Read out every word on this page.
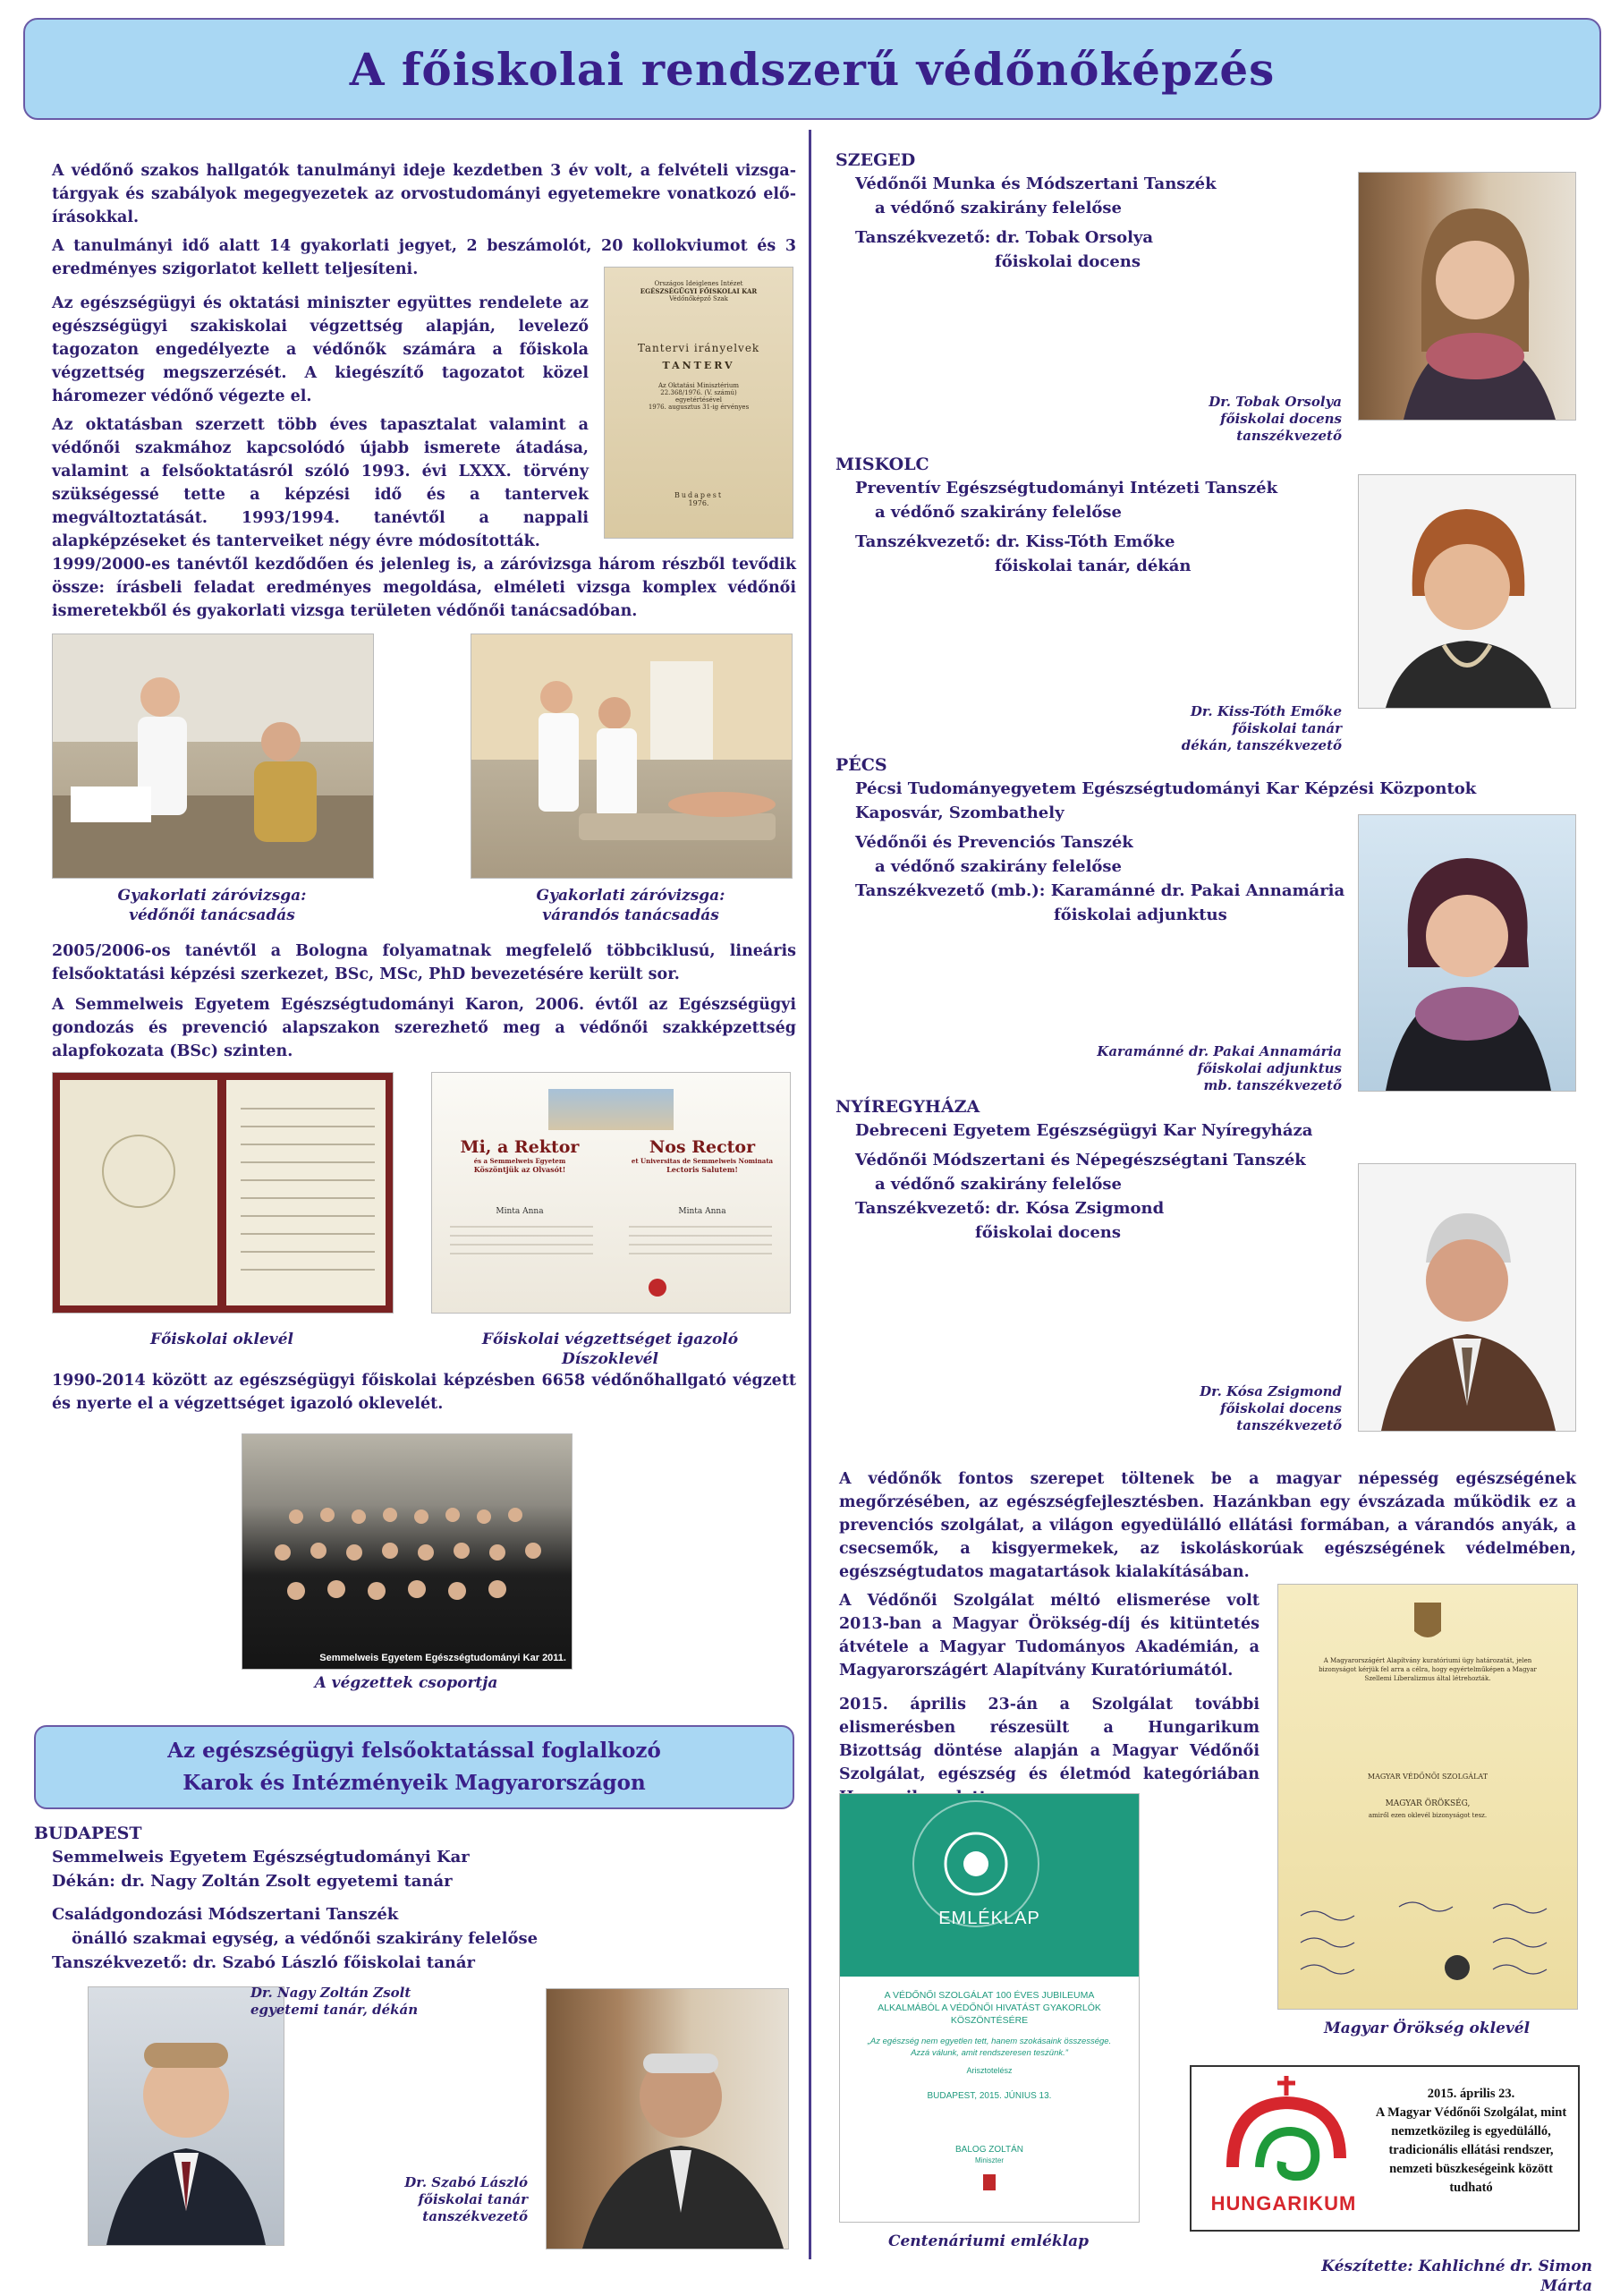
A főiskolai rendszerű védőnőképzés

A védőnő szakos hallgatók tanulmányi ideje kezdetben 3 év volt, a felvételi vizsga-tárgyak és szabályok megegyezetek az orvostudományi egyetemekre vonatkozó elő-írásokkal.

A tanulmányi idő alatt 14 gyakorlati jegyet, 2 beszámolót, 20 kollokviumot és 3 eredményes szigorlatot kellett teljesíteni.

Az egészségügyi és oktatási miniszter együttes rendelete az egészségügyi szakiskolai végzettség alapján, levelező tagozaton engedélyezte a védőnők számára a főiskola végzettség megszerzését. A kiegészítő tagozatot közel háromezer védőnő végezte el.

Az oktatásban szerzett több éves tapasztalat valamint a védőnői szakmához kapcsolódó újabb ismerete átadása, valamint a felsőoktatásról szóló 1993. évi LXXX. törvény szükségessé tette a képzési idő és a tantervek megváltoztatását. 1993/1994. tanévtől a nappali alapképzéseket és tanterveiket négy évre módosították.

Országos Ideiglenes Intézet
EGÉSZSÉGÜGYI FŐISKOLAI KAR
Védőnőképző Szak
Tantervi irányelvek
TANTERV
Az Oktatási Minisztérium
22.368/1976. (V. számú)
egyetértésével
1976. augusztus 31-ig érvényes
Budapest
1976.

1999/2000-es tanévtől kezdődően és jelenleg is, a záróvizsga három részből tevődik össze: írásbeli feladat eredményes megoldása, elméleti vizsga komplex védőnői ismeretekből és gyakorlati vizsga területen védőnői tanácsadóban.

Gyakorlati záróvizsga:
védőnői tanácsadás
Gyakorlati záróvizsga:
várandós tanácsadás

2005/2006-os tanévtől a Bologna folyamatnak megfelelő többciklusú, lineáris felsőoktatási képzési szerkezet, BSc, MSc, PhD bevezetésére került sor.

A Semmelweis Egyetem Egészségtudományi Karon, 2006. évtől az Egészségügyi gondozás és prevenció alapszakon szerezhető meg a védőnői szakképzettség alapfokozata (BSc) szinten.

Mi, a Rektor
és a Semmelweis Egyetem
Köszöntjük az Olvasót!
Nos Rector
et Universitas de Semmelweis Nominata
Lectoris Salutem!
Minta Anna	Minta Anna
Főiskolai oklevél	Főiskolai végzettséget igazoló Díszoklevél

1990-2014 között az egészségügyi főiskolai képzésben 6658 védőnőhallgató végzett és nyerte el a végzettséget igazoló oklevelét.

Semmelweis Egyetem Egészségtudományi Kar 2011.
A végzettek csoportja
Az egészségügyi felsőoktatással foglalkozó
Karok és Intézményeik Magyarországon
BUDAPEST
Semmelweis Egyetem Egészségtudományi Kar
Dékán: dr. Nagy Zoltán Zsolt egyetemi tanár
Családgondozási Módszertani Tanszék
önálló szakmai egység, a védőnői szakirány felelőse
Tanszékvezető: dr. Szabó László főiskolai tanár
Dr. Nagy Zoltán Zsolt
egyetemi tanár, dékán
Dr. Szabó László
főiskolai tanár
tanszékvezető
SZEGED
Védőnői Munka és Módszertani Tanszék
a védőnő szakirány felelőse
Tanszékvezető: dr. Tobak Orsolya
főiskolai docens
Dr. Tobak Orsolya
főiskolai docens
tanszékvezető
MISKOLC
Preventív Egészségtudományi Intézeti Tanszék
a védőnő szakirány felelőse
Tanszékvezető: dr. Kiss-Tóth Emőke
főiskolai tanár, dékán
Dr. Kiss-Tóth Emőke
főiskolai tanár
dékán, tanszékvezető
PÉCS
Pécsi Tudományegyetem Egészségtudományi Kar Képzési Központok
Kaposvár, Szombathely
Védőnői és Prevenciós Tanszék
a védőnő szakirány felelőse
Tanszékvezető (mb.): Karamánné dr. Pakai Annamária
főiskolai adjunktus
Karamánné dr. Pakai Annamária
főiskolai adjunktus
mb. tanszékvezető
NYÍREGYHÁZA
Debreceni Egyetem Egészségügyi Kar Nyíregyháza
Védőnői Módszertani és Népegészségtani Tanszék
a védőnő szakirány felelőse
Tanszékvezető: dr. Kósa Zsigmond
főiskolai docens
Dr. Kósa Zsigmond
főiskolai docens
tanszékvezető

A védőnők fontos szerepet töltenek be a magyar népesség egészségének megőrzésében, az egészségfejlesztésben. Hazánkban egy évszázada működik ez a prevenciós szolgálat, a világon egyedülálló ellátási formában, a várandós anyák, a csecsemők, a kisgyermekek, az iskoláskorúak egészségének védelmében, egészségtudatos magatartások kialakításában.

A Védőnői Szolgálat méltó elismerése volt 2013-ban a Magyar Örökség-díj és kitüntetés átvétele a Magyar Tudományos Akadémián, a Magyarországért Alapítvány Kuratóriumától.

2015. április 23-án a Szolgálat további elismerésben részesült a Hungarikum Bizottság döntése alapján a Magyar Védőnői Szolgálat, egészség és életmód kategóriában

EMLÉKLAP
A VÉDŐNŐI SZOLGÁLAT 100 ÉVES JUBILEUMA ALKALMÁBÓL A VÉDŐNŐI HIVATÁST GYAKORLÓK KÖSZÖNTÉSÉRE
„Az egészség nem egyetlen tett, hanem szokásaink összessége. Azzá válunk, amit rendszeresen teszünk.”
Arisztotelész
BUDAPEST, 2015. JÚNIUS 13.
BALOG ZOLTÁN
Miniszter
Centenáriumi emléklap
A Magyarországért Alapítvány kuratóriumi ügy határozatát, jelen bizonyságot kérjük fel arra a célra, hogy egyértelműképen a Magyar Szellemi Líberalizmus által létrehozták.
MAGYAR VÉDŐNŐI SZOLGÁLAT
MAGYAR ÖRÖKSÉG,
amiről ezen oklevél bizonyságot tesz.
Magyar Örökség oklevél
HUNGARIKUM
2015. április 23.
A Magyar Védőnői Szolgálat, mint nemzetközileg is egyedülálló, tradicionális ellátási rendszer, nemzeti büszkeségeink között tudható
Készítette: Kahlichné dr. Simon Márta
